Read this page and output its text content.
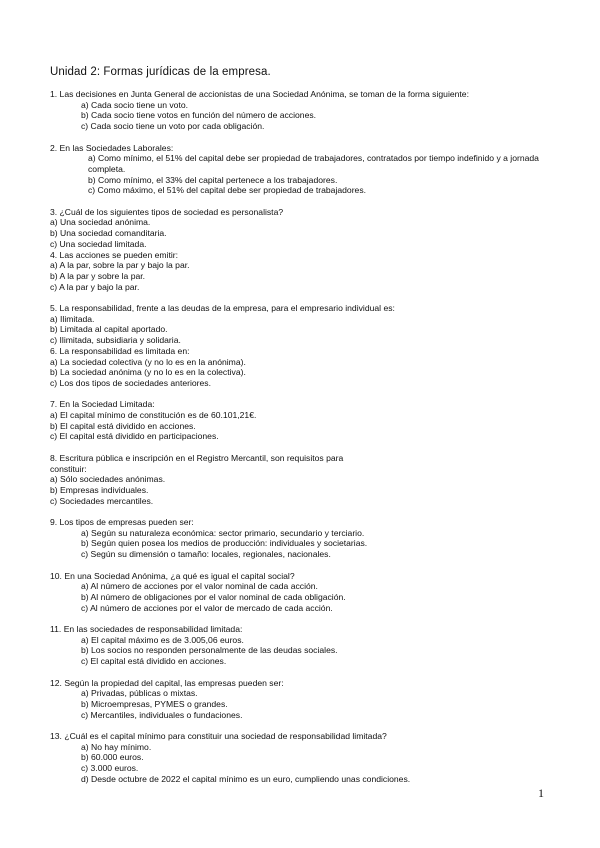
Unidad 2: Formas jurídicas de la empresa.
1. Las decisiones en Junta General de accionistas de una Sociedad Anónima, se toman de la forma siguiente:
a) Cada socio tiene un voto.
b) Cada socio tiene votos en función del número de acciones.
c) Cada socio tiene un voto por cada obligación.
2. En las Sociedades Laborales:
a) Como mínimo, el 51% del capital debe ser propiedad de trabajadores, contratados por tiempo indefinido y a jornada completa.
b) Como mínimo, el 33% del capital pertenece a los trabajadores.
c) Como máximo, el 51% del capital debe ser propiedad de trabajadores.
3. ¿Cuál de los siguientes tipos de sociedad es personalista?
a) Una sociedad anónima.
b) Una sociedad comanditaria.
c) Una sociedad limitada.
4. Las acciones se pueden emitir:
a) A la par, sobre la par y bajo la par.
b) A la par y sobre la par.
c) A la par y bajo la par.
5. La responsabilidad, frente a las deudas de la empresa, para el empresario individual es:
a) Ilimitada.
b) Limitada al capital aportado.
c) Ilimitada, subsidiaria y solidaria.
6. La responsabilidad es limitada en:
a) La sociedad colectiva (y no lo es en la anónima).
b) La sociedad anónima (y no lo es en la colectiva).
c) Los dos tipos de sociedades anteriores.
7. En la Sociedad Limitada:
a) El capital mínimo de constitución es de 60.101,21€.
b) El capital está dividido en acciones.
c) El capital está dividido en participaciones.
8. Escritura pública e inscripción en el Registro Mercantil, son requisitos para
constituir:
a) Sólo sociedades anónimas.
b) Empresas individuales.
c) Sociedades mercantiles.
9. Los tipos de empresas pueden ser:
a) Según su naturaleza económica: sector primario, secundario y terciario.
b) Según quien posea los medios de producción: individuales y societarias.
c) Según su dimensión o tamaño: locales, regionales, nacionales.
10. En una Sociedad Anónima, ¿a qué es igual el capital social?
a) Al número de acciones por el valor nominal de cada acción.
b) Al número de obligaciones por el valor nominal de cada obligación.
c) Al número de acciones por el valor de mercado de cada acción.
11. En las sociedades de responsabilidad limitada:
a) El capital máximo es de 3.005,06 euros.
b) Los socios no responden personalmente de las deudas sociales.
c) El capital está dividido en acciones.
12. Según la propiedad del capital, las empresas pueden ser:
a) Privadas, públicas o mixtas.
b) Microempresas, PYMES o grandes.
c) Mercantiles, individuales o fundaciones.
13. ¿Cuál es el capital mínimo para constituir una sociedad de responsabilidad limitada?
a) No hay mínimo.
b) 60.000 euros.
c) 3.000 euros.
d) Desde octubre de 2022 el capital mínimo es un euro, cumpliendo unas condiciones.
1
